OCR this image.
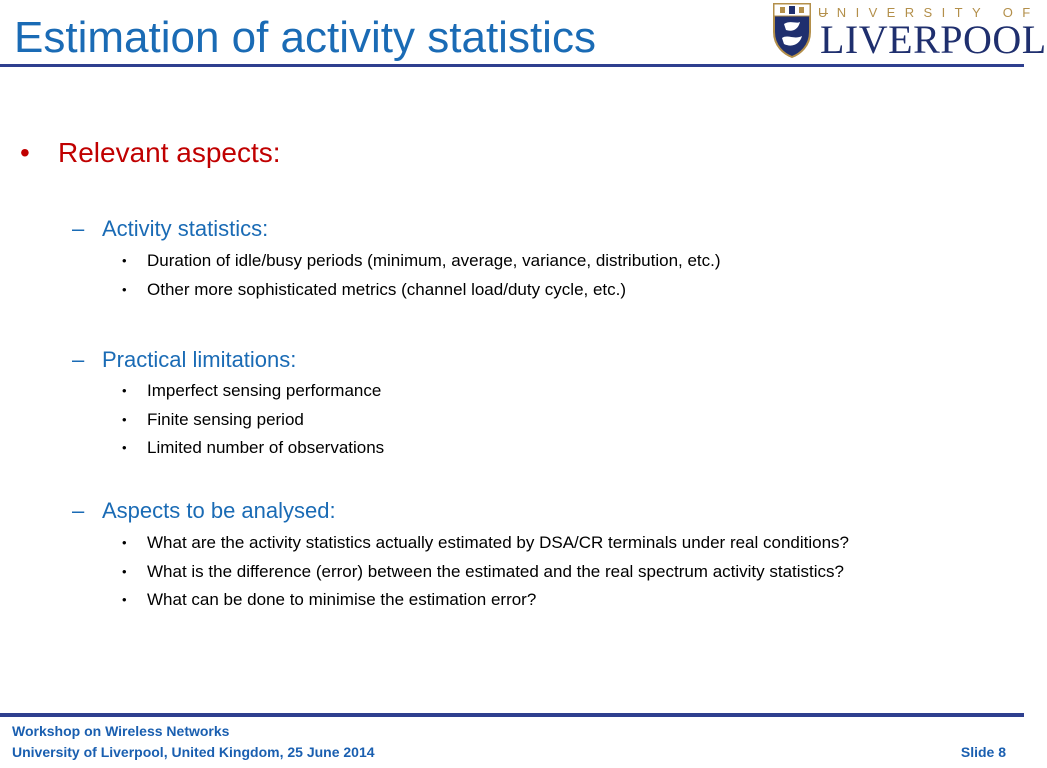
Estimation of activity statistics
UNIVERSITY OF
LIVERPOOL
• Relevant aspects:
– Activity statistics:
• Duration of idle/busy periods (minimum, average, variance, distribution, etc.)
• Other more sophisticated metrics (channel load/duty cycle, etc.)
– Practical limitations:
• Imperfect sensing performance
• Finite sensing period
• Limited number of observations
– Aspects to be analysed:
• What are the activity statistics actually estimated by DSA/CR terminals under real conditions?
• What is the difference (error) between the estimated and the real spectrum activity statistics?
• What can be done to minimise the estimation error?
Workshop on Wireless Networks
University of Liverpool, United Kingdom, 25 June 2014	Slide 8
